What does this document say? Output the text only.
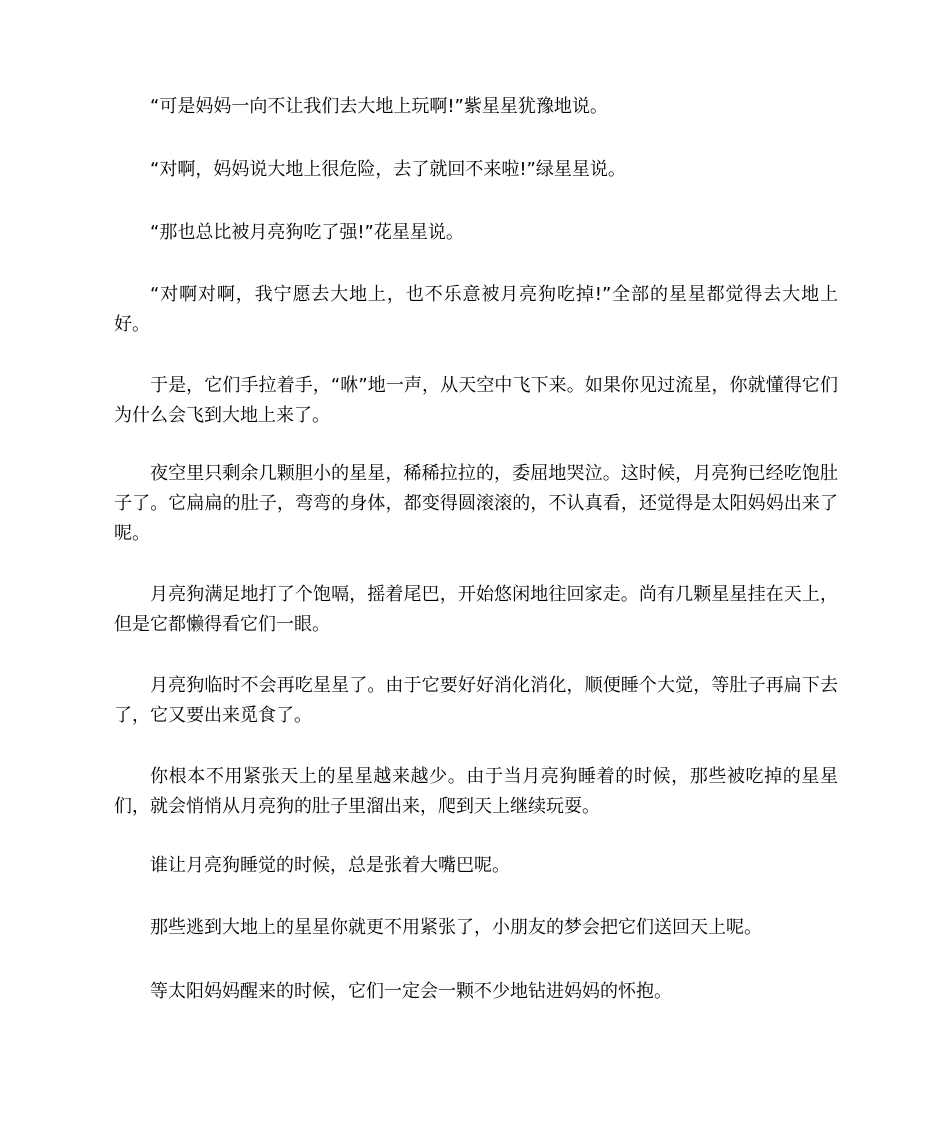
“可是妈妈一向不让我们去大地上玩啊!”紫星星犹豫地说。

“对啊，妈妈说大地上很危险，去了就回不来啦!”绿星星说。

“那也总比被月亮狗吃了强!”花星星说。

“对啊对啊，我宁愿去大地上，也不乐意被月亮狗吃掉!”全部的星星都觉得去大地上好。

于是，它们手拉着手，“咻”地一声，从天空中飞下来。如果你见过流星，你就懂得它们为什么会飞到大地上来了。

夜空里只剩余几颗胆小的星星，稀稀拉拉的，委屈地哭泣。这时候，月亮狗已经吃饱肚子了。它扁扁的肚子，弯弯的身体，都变得圆滚滚的，不认真看，还觉得是太阳妈妈出来了呢。

月亮狗满足地打了个饱嗝，摇着尾巴，开始悠闲地往回家走。尚有几颗星星挂在天上，但是它都懒得看它们一眼。

月亮狗临时不会再吃星星了。由于它要好好消化消化，顺便睡个大觉，等肚子再扁下去了，它又要出来觅食了。

你根本不用紧张天上的星星越来越少。由于当月亮狗睡着的时候，那些被吃掉的星星们，就会悄悄从月亮狗的肚子里溜出来，爬到天上继续玩耍。

谁让月亮狗睡觉的时候，总是张着大嘴巴呢。

那些逃到大地上的星星你就更不用紧张了，小朋友的梦会把它们送回天上呢。

等太阳妈妈醒来的时候，它们一定会一颗不少地钻进妈妈的怀抱。
